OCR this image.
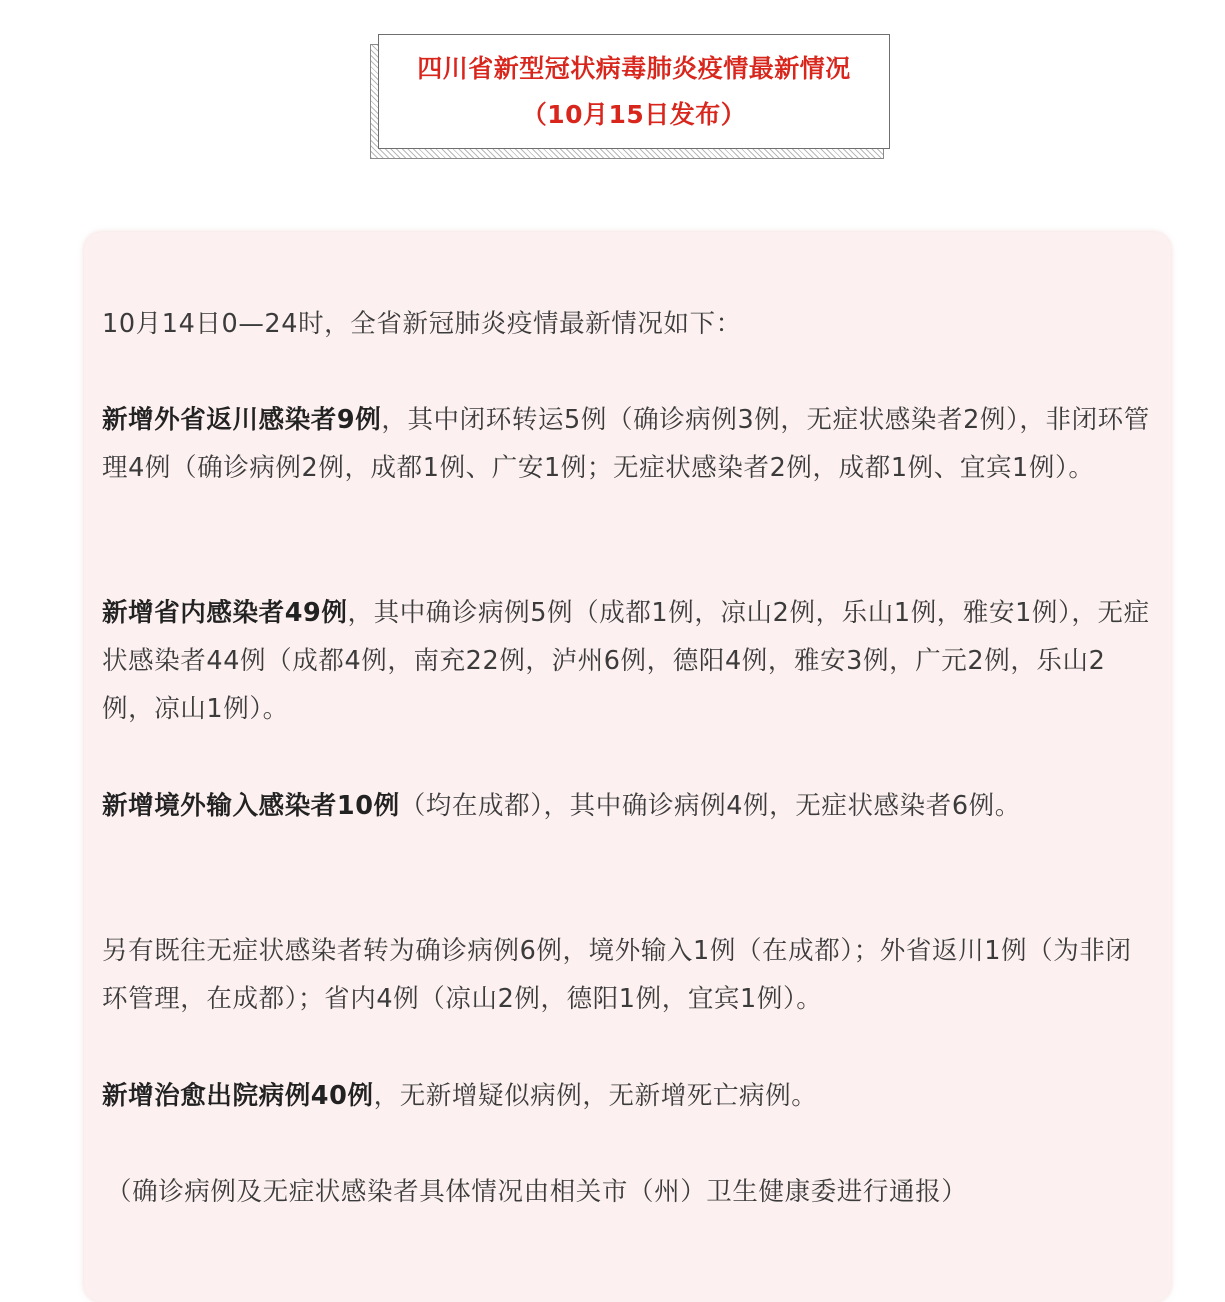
四川省新型冠状病毒肺炎疫情最新情况
（10月15日发布）

10月14日0—24时，全省新冠肺炎疫情最新情况如下：

新增外省返川感染者9例，其中闭环转运5例（确诊病例3例，无症状感染者2例），非闭环管理4例（确诊病例2例，成都1例、广安1例；无症状感染者2例，成都1例、宜宾1例）。

新增省内感染者49例，其中确诊病例5例（成都1例，凉山2例，乐山1例，雅安1例），无症状感染者44例（成都4例，南充22例，泸州6例，德阳4例，雅安3例，广元2例，乐山2例，凉山1例）。

新增境外输入感染者10例（均在成都），其中确诊病例4例，无症状感染者6例。

另有既往无症状感染者转为确诊病例6例，境外输入1例（在成都）；外省返川1例（为非闭环管理，在成都）；省内4例（凉山2例，德阳1例，宜宾1例）。

新增治愈出院病例40例，无新增疑似病例，无新增死亡病例。

（确诊病例及无症状感染者具体情况由相关市（州）卫生健康委进行通报）
